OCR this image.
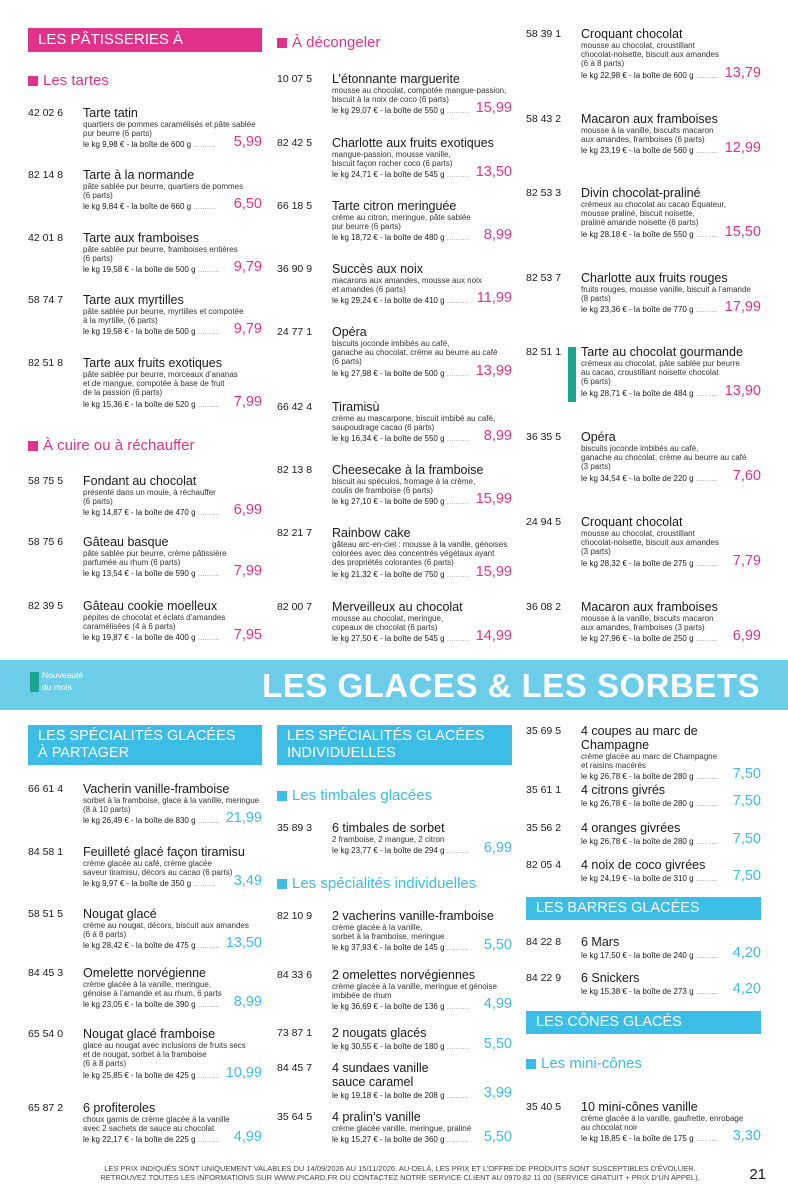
LES PÂTISSERIES À PARTAGER
Les tartes
42 02 6 Tarte tatin
quartiers de pommes caramélisés et pâte sablée
pur beurre (6 parts)
le kg 9,98 € - la boîte de 600 g ..........	5,99
82 14 8 Tarte à la normande
pâte sablée pur beurre, quartiers de pommes
(6 parts)
le kg 9,84 € - la boîte de 660 g ..........	6,50
42 01 8 Tarte aux framboises
pâte sablée pur beurre, framboises entières
(6 parts)
le kg 19,58 € - la boîte de 500 g .......... 9,79
58 74 7 Tarte aux myrtilles
pâte sablée pur beurre, myrtilles et compotée
à la myrtille, (6 parts)
le kg 19,58 € - la boîte de 500 g .......... 9,79
82 51 8 Tarte aux fruits exotiques
pâte sablée pur beurre, morceaux d’ananas
et de mangue, compotée à base de fruit
de la passion (6 parts)
le kg 15,36 € - la boîte de 520 g .......... 7,99
À cuire ou à réchauffer
58 75 5 Fondant au chocolat
présenté dans un moule, à réchauffer
(6 parts)
le kg 14,87 € - la boîte de 470 g .......... 6,99
58 75 6 Gâteau basque
pâte sablée pur beurre, crème pâtissière
parfumée au rhum (6 parts)
le kg 13,54 € - la boîte de 590 g .......... 7,99
82 39 5 Gâteau cookie moelleux
pépites de chocolat et éclats d’amandes
caramélisées (4 à 6 parts)
le kg 19,87 € - la boîte de 400 g .......... 7,95
À décongeler
10 07 5 L’étonnante marguerite
mousse au chocolat, compotée mangue-passion,
biscuit à la noix de coco (6 parts)
le kg 29,07 € - la boîte de 550 g .......... 15,99
82 42 5 Charlotte aux fruits exotiques
mangue-passion, mousse vanille,
biscuit façon rocher coco (6 parts)
le kg 24,71 € - la boîte de 545 g .......... 13,50
66 18 5 Tarte citron meringuée
crème au citron, meringue, pâte sablée
pur beurre (6 parts)
le kg 18,72 € - la boîte de 480 g ..........	8,99
36 90 9 Succès aux noix
macarons aux amandes, mousse aux noix
et amandes (6 parts)
le kg 29,24 € - la boîte de 410 g .......... 11,99
24 77 1 Opéra
biscuits joconde imbibés au café,
ganache au chocolat, crème au beurre au café
(6 parts)
le kg 27,98 € - la boîte de 500 g .......... 13,99
66 42 4 Tiramisù
crème au mascarpone, biscuit imbibé au café,
saupoudrage cacao (6 parts)
le kg 16,34 € - la boîte de 550 g ..........	8,99
82 13 8 Cheesecake à la framboise
biscuit au spéculos, fromage à la crème,
coulis de framboise (6 parts)
le kg 27,10 € - la boîte de 590 g .......... 15,99
82 21 7 Rainbow cake
gâteau arc-en-ciel : mousse à la vanille, génoises
colorées avec des concentrés végétaux ayant
des propriétés colorantes (6 parts)
le kg 21,32 € - la boîte de 750 g .......... 15,99
82 00 7 Merveilleux au chocolat
mousse au chocolat, meringue,
copeaux de chocolat (6 parts)
le kg 27,50 € - la boîte de 545 g .......... 14,99
58 39 1 Croquant chocolat
mousse au chocolat, croustillant
chocolat-noisette, biscuit aux amandes
(6 à 8 parts)
le kg 22,98 € - la boîte de 600 g .......... 13,79
58 43 2 Macaron aux framboises
mousse à la vanille, biscuits macaron
aux amandes, framboises (6 parts)
le kg 23,19 € - la boîte de 560 g .......... 12,99
82 53 3 Divin chocolat-praliné
crémeux au chocolat au cacao Équateur,
mousse praliné, biscuit noisette,
praliné amande noisette (6 parts)
le kg 28,18 € - la boîte de 550 g .......... 15,50
82 53 7 Charlotte aux fruits rouges
fruits rouges, mousse vanille, biscuit à l’amande
(8 parts)
le kg 23,36 € - la boîte de 770 g .......... 17,99
82 51 1 Tarte au chocolat gourmande
crémeux au chocolat, pâte sablée pur beurre
au cacao, croustillant noisette chocolat
(6 parts)
le kg 28,71 € - la boîte de 484 g .......... 13,90
36 35 5 Opéra
biscuits joconde imbibés au café,
ganache au chocolat, crème au beurre au café
(3 parts)
le kg 34,54 € - la boîte de 220 g ..........	7,60
24 94 5 Croquant chocolat
mousse au chocolat, croustillant
chocolat-noisette, biscuit aux amandes
(3 parts)
le kg 28,32 € - la boîte de 275 g ..........	7,79
36 08 2 Macaron aux framboises
mousse à la vanille, biscuits macaron
aux amandes, framboises (3 parts)
le kg 27,96 € - la boîte de 250 g ..........	6,99
LES SPÉCIALITÉS GLACÉES
À PARTAGER
66 61 4 Vacherin vanille-framboise
sorbet à la framboise, glace à la vanille, meringue
(8 à 10 parts)
le kg 26,49 € - la boîte de 830 g .......... 21,99
84 58 1 Feuilleté glacé façon tiramisu
crème glacée au café, crème glacée
saveur tiramisu, décors au cacao (6 parts)
le kg 9,97 € - la boîte de 350 g ..........	3,49
58 51 5 Nougat glacé
crème au nougat, décors, biscuit aux amandes
(6 à 8 parts)
le kg 28,42 € - la boîte de 475 g .......... 13,50
84 45 3 Omelette norvégienne
crème glacée à la vanille, meringue,
génoise à l’amande et au rhum, 6 parts
le kg 23,05 € - la boîte de 390 g .......... 8,99
65 54 0 Nougat glacé framboise
glace au nougat avec inclusions de fruits secs
et de nougat, sorbet à la framboise
(6 à 8 parts)
le kg 25,85 € - la boîte de 425 g .......... 10,99
65 87 2 6 profiteroles
choux garnis de crème glacée à la vanille
avec 2 sachets de sauce au chocolat
le kg 22,17 € - la boîte de 225 g .......... 4,99
LES SPÉCIALITÉS GLACÉES
INDIVIDUELLES
Les timbales glacées
35 89 3 6 timbales de sorbet
2 framboise, 2 mangue, 2 citron
le kg 23,77 € - la boîte de 294 g ..........	6,99
Les spécialités individuelles
82 10 9 2 vacherins vanille-framboise
crème glacée à la vanille,
sorbet à la framboise, meringue
le kg 37,93 € - la boîte de 145 g ..........	5,50
84 33 6 2 omelettes norvégiennes
crème glacée à la vanille, meringue et génoise
imbibée de rhum
le kg 36,69 € - la boîte de 136 g ..........	4,99
73 87 1 2 nougats glacés
le kg 30,55 € - la boîte de 180 g ..........	5,50
84 45 7 4 sundaes vanille
sauce caramel
le kg 19,18 € - la boîte de 208 g ..........	3,99
35 64 5 4 pralin’s vanille
crème glacée vanille, meringue, praliné
le kg 15,27 € - la boîte de 360 g ..........	5,50
35 69 5 4 coupes au marc de Champagne
crème glacée au marc de Champagne
et raisins macérés
le kg 26,78 € - la boîte de 280 g ..........	7,50
35 61 1 4 citrons givrés
le kg 26,78 € - la boîte de 280 g ..........	7,50
35 56 2 4 oranges givrées
le kg 26,78 € - la boîte de 280 g ..........	7,50
82 05 4 4 noix de coco givrées
le kg 24,19 € - la boîte de 310 g ..........	7,50
LES BARRES GLACÉES
84 22 8 6 Mars
le kg 17,50 € - la boîte de 240 g ..........	4,20
84 22 9 6 Snickers
le kg 15,38 € - la boîte de 273 g ..........	4,20
LES CÔNES GLACÉS
Les mini-cônes
35 40 5 10 mini-cônes vanille
crème glacée à la vanille, gaufrette, enrobage
au chocolat noir
le kg 18,85 € - la boîte de 175 g ..........	3,30
Nouveauté
du mois	LES GLACES & LES SORBETS
LES PRIX INDIQUÉS SONT UNIQUEMENT VALABLES DU 14/09/2026 AU 15/11/2026. AU-DELÀ, LES PRIX ET L’OFFRE DE PRODUITS SONT SUSCEPTIBLES D’ÉVOLUER.
RETROUVEZ TOUTES LES INFORMATIONS SUR WWW.PICARD.FR OU CONTACTEZ NOTRE SERVICE CLIENT AU 0970 82 11 00 (SERVICE GRATUIT + PRIX D’UN APPEL).	21
